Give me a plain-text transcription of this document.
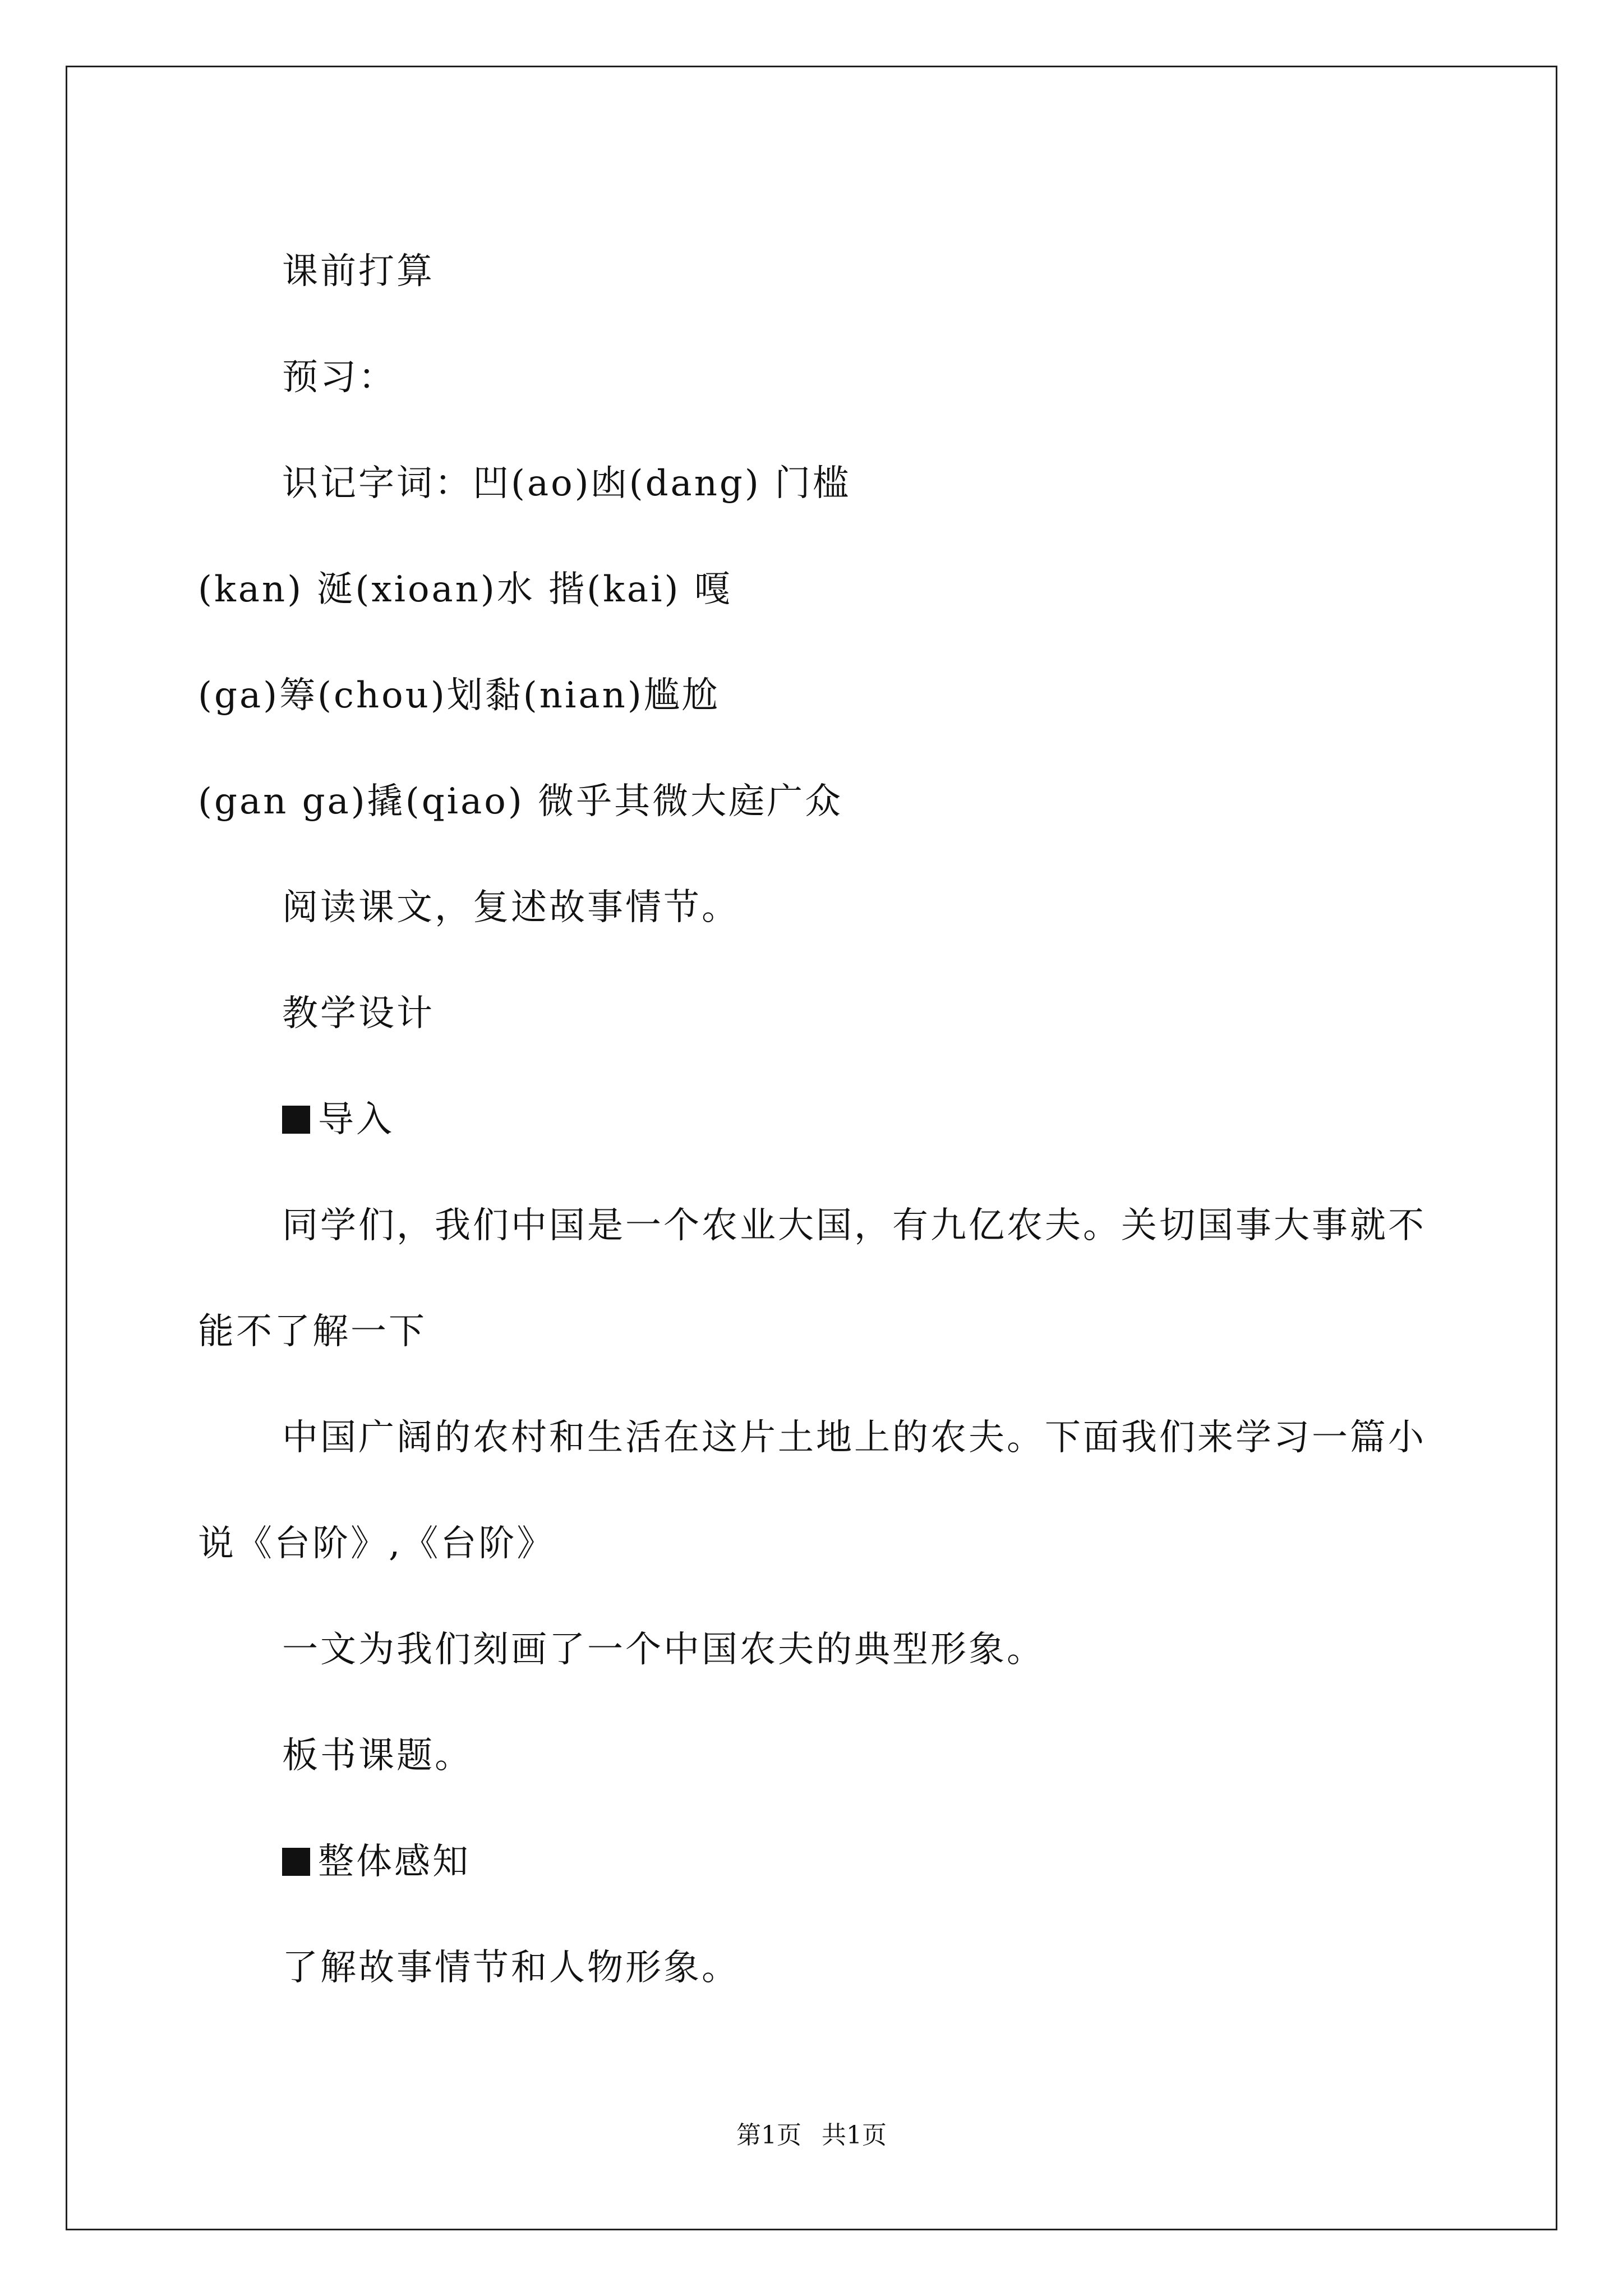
课前打算

预习：

识记字词：凹(ao)凼(dang) 门槛

(kan) 涎(xioan)水 揩(kai) 嘎

(ga)筹(chou)划黏(nian)尴尬

(gan ga)撬(qiao) 微乎其微大庭广众

阅读课文，复述故事情节。

教学设计

导入

同学们，我们中国是一个农业大国，有九亿农夫。关切国事大事就不能不了解一下

中国广阔的农村和生活在这片土地上的农夫。下面我们来学习一篇小说《台阶》,《台阶》

一文为我们刻画了一个中国农夫的典型形象。

板书课题。

整体感知

了解故事情节和人物形象。

第1页 共1页
